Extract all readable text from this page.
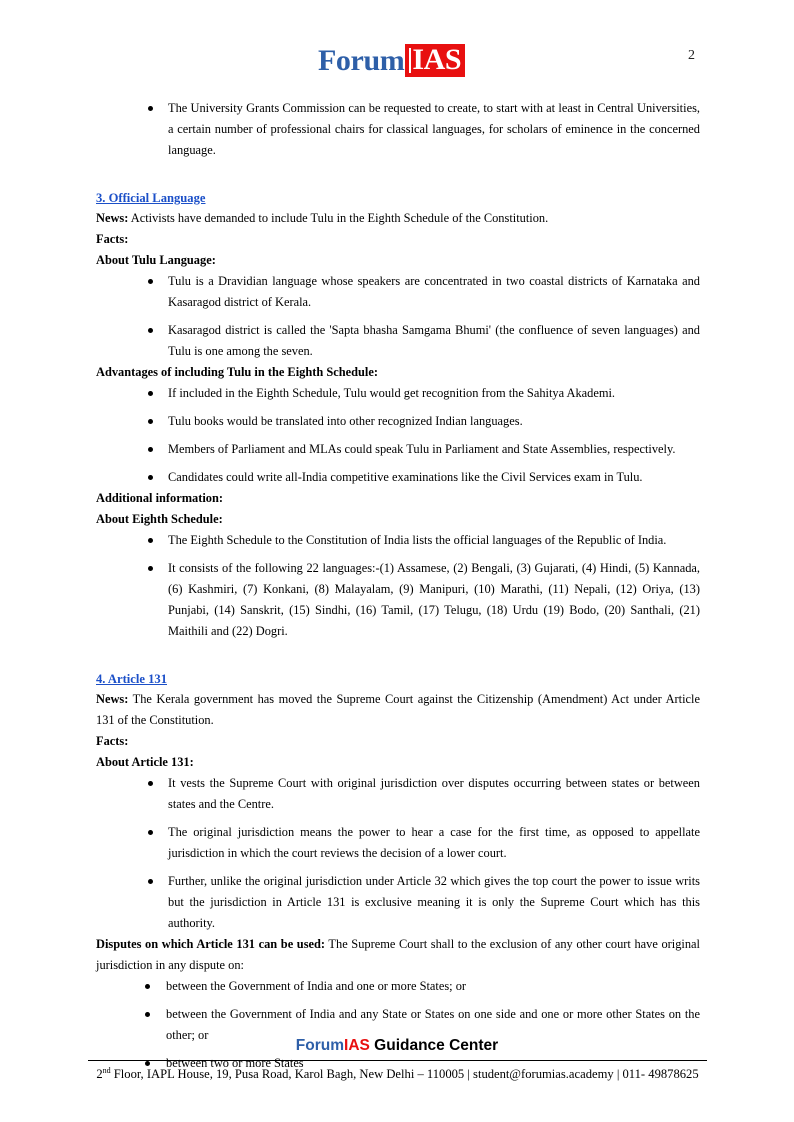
Forum IAS	2
The University Grants Commission can be requested to create, to start with at least in Central Universities, a certain number of professional chairs for classical languages, for scholars of eminence in the concerned language.
3. Official Language

News: Activists have demanded to include Tulu in the Eighth Schedule of the Constitution.

Facts:

About Tulu Language:

Tulu is a Dravidian language whose speakers are concentrated in two coastal districts of Karnataka and Kasaragod district of Kerala.
Kasaragod district is called the 'Sapta bhasha Samgama Bhumi' (the confluence of seven languages) and Tulu is one among the seven.

Advantages of including Tulu in the Eighth Schedule:

If included in the Eighth Schedule, Tulu would get recognition from the Sahitya Akademi.
Tulu books would be translated into other recognized Indian languages.
Members of Parliament and MLAs could speak Tulu in Parliament and State Assemblies, respectively.
Candidates could write all-India competitive examinations like the Civil Services exam in Tulu.

Additional information:

About Eighth Schedule:

The Eighth Schedule to the Constitution of India lists the official languages of the Republic of India.
It consists of the following 22 languages:-(1) Assamese, (2) Bengali, (3) Gujarati, (4) Hindi, (5) Kannada, (6) Kashmiri, (7) Konkani, (8) Malayalam, (9) Manipuri, (10) Marathi, (11) Nepali, (12) Oriya, (13) Punjabi, (14) Sanskrit, (15) Sindhi, (16) Tamil, (17) Telugu, (18) Urdu (19) Bodo, (20) Santhali, (21) Maithili and (22) Dogri.
4. Article 131

News: The Kerala government has moved the Supreme Court against the Citizenship (Amendment) Act under Article 131 of the Constitution.

Facts:

About Article 131:

It vests the Supreme Court with original jurisdiction over disputes occurring between states or between states and the Centre.
The original jurisdiction means the power to hear a case for the first time, as opposed to appellate jurisdiction in which the court reviews the decision of a lower court.
Further, unlike the original jurisdiction under Article 32 which gives the top court the power to issue writs but the jurisdiction in Article 131 is exclusive meaning it is only the Supreme Court which has this authority.

Disputes on which Article 131 can be used: The Supreme Court shall to the exclusion of any other court have original jurisdiction in any dispute on:

between the Government of India and one or more States; or
between the Government of India and any State or States on one side and one or more other States on the other; or
between two or more States
ForumIAS Guidance Center
2nd Floor, IAPL House, 19, Pusa Road, Karol Bagh, New Delhi – 110005 | student@forumias.academy | 011- 49878625
